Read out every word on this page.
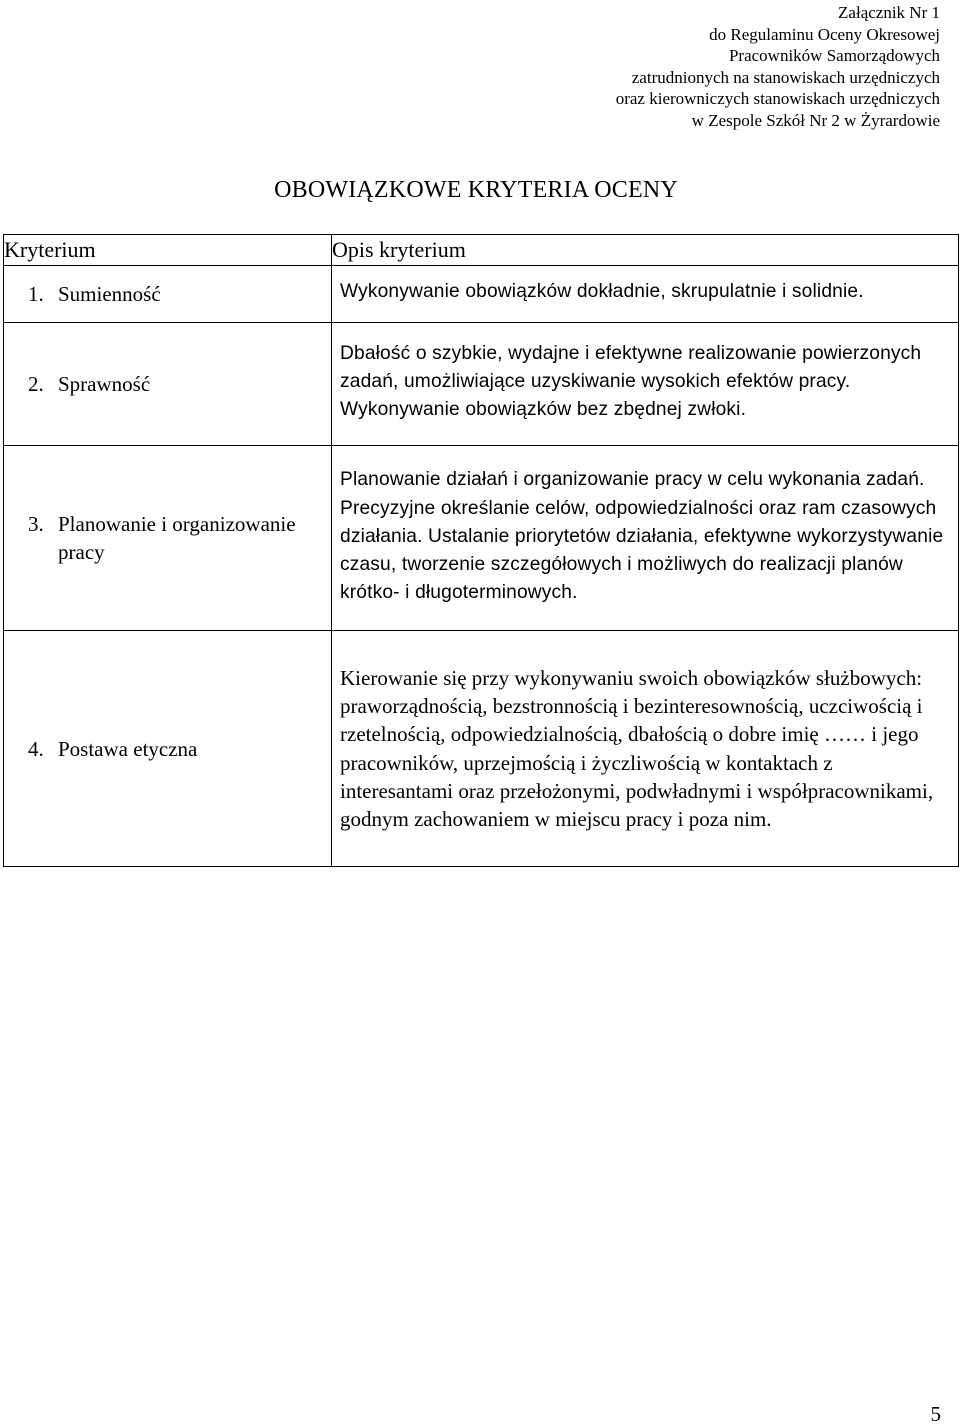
Załącznik Nr 1
do Regulaminu Oceny Okresowej
Pracowników Samorządowych
zatrudnionych na stanowiskach urzędniczych
oraz kierowniczych stanowiskach urzędniczych
w Zespole Szkół Nr 2 w Żyrardowie
OBOWIĄZKOWE KRYTERIA OCENY
Kryterium	Opis kryterium

1. Sumienność	Wykonywanie obowiązków dokładnie, skrupulatnie i solidnie.

2. Sprawność	Dbałość o szybkie, wydajne i efektywne realizowanie powierzonych zadań, umożliwiające uzyskiwanie wysokich efektów pracy. Wykonywanie obowiązków bez zbędnej zwłoki.

3. Planowanie i organizowanie pracy	Planowanie działań i organizowanie pracy w celu wykonania zadań. Precyzyjne określanie celów, odpowiedzialności oraz ram czasowych działania. Ustalanie priorytetów działania, efektywne wykorzystywanie czasu, tworzenie szczegółowych i możliwych do realizacji planów krótko- i długoterminowych.

4. Postawa etyczna	Kierowanie się przy wykonywaniu swoich obowiązków służbowych: praworządnością, bezstronnością i bezinteresownością, uczciwością i rzetelnością, odpowiedzialnością, dbałością o dobre imię …… i jego pracowników, uprzejmością i życzliwością w kontaktach z interesantami oraz przełożonymi, podwładnymi i współpracownikami, godnym zachowaniem w miejscu pracy i poza nim.
5
